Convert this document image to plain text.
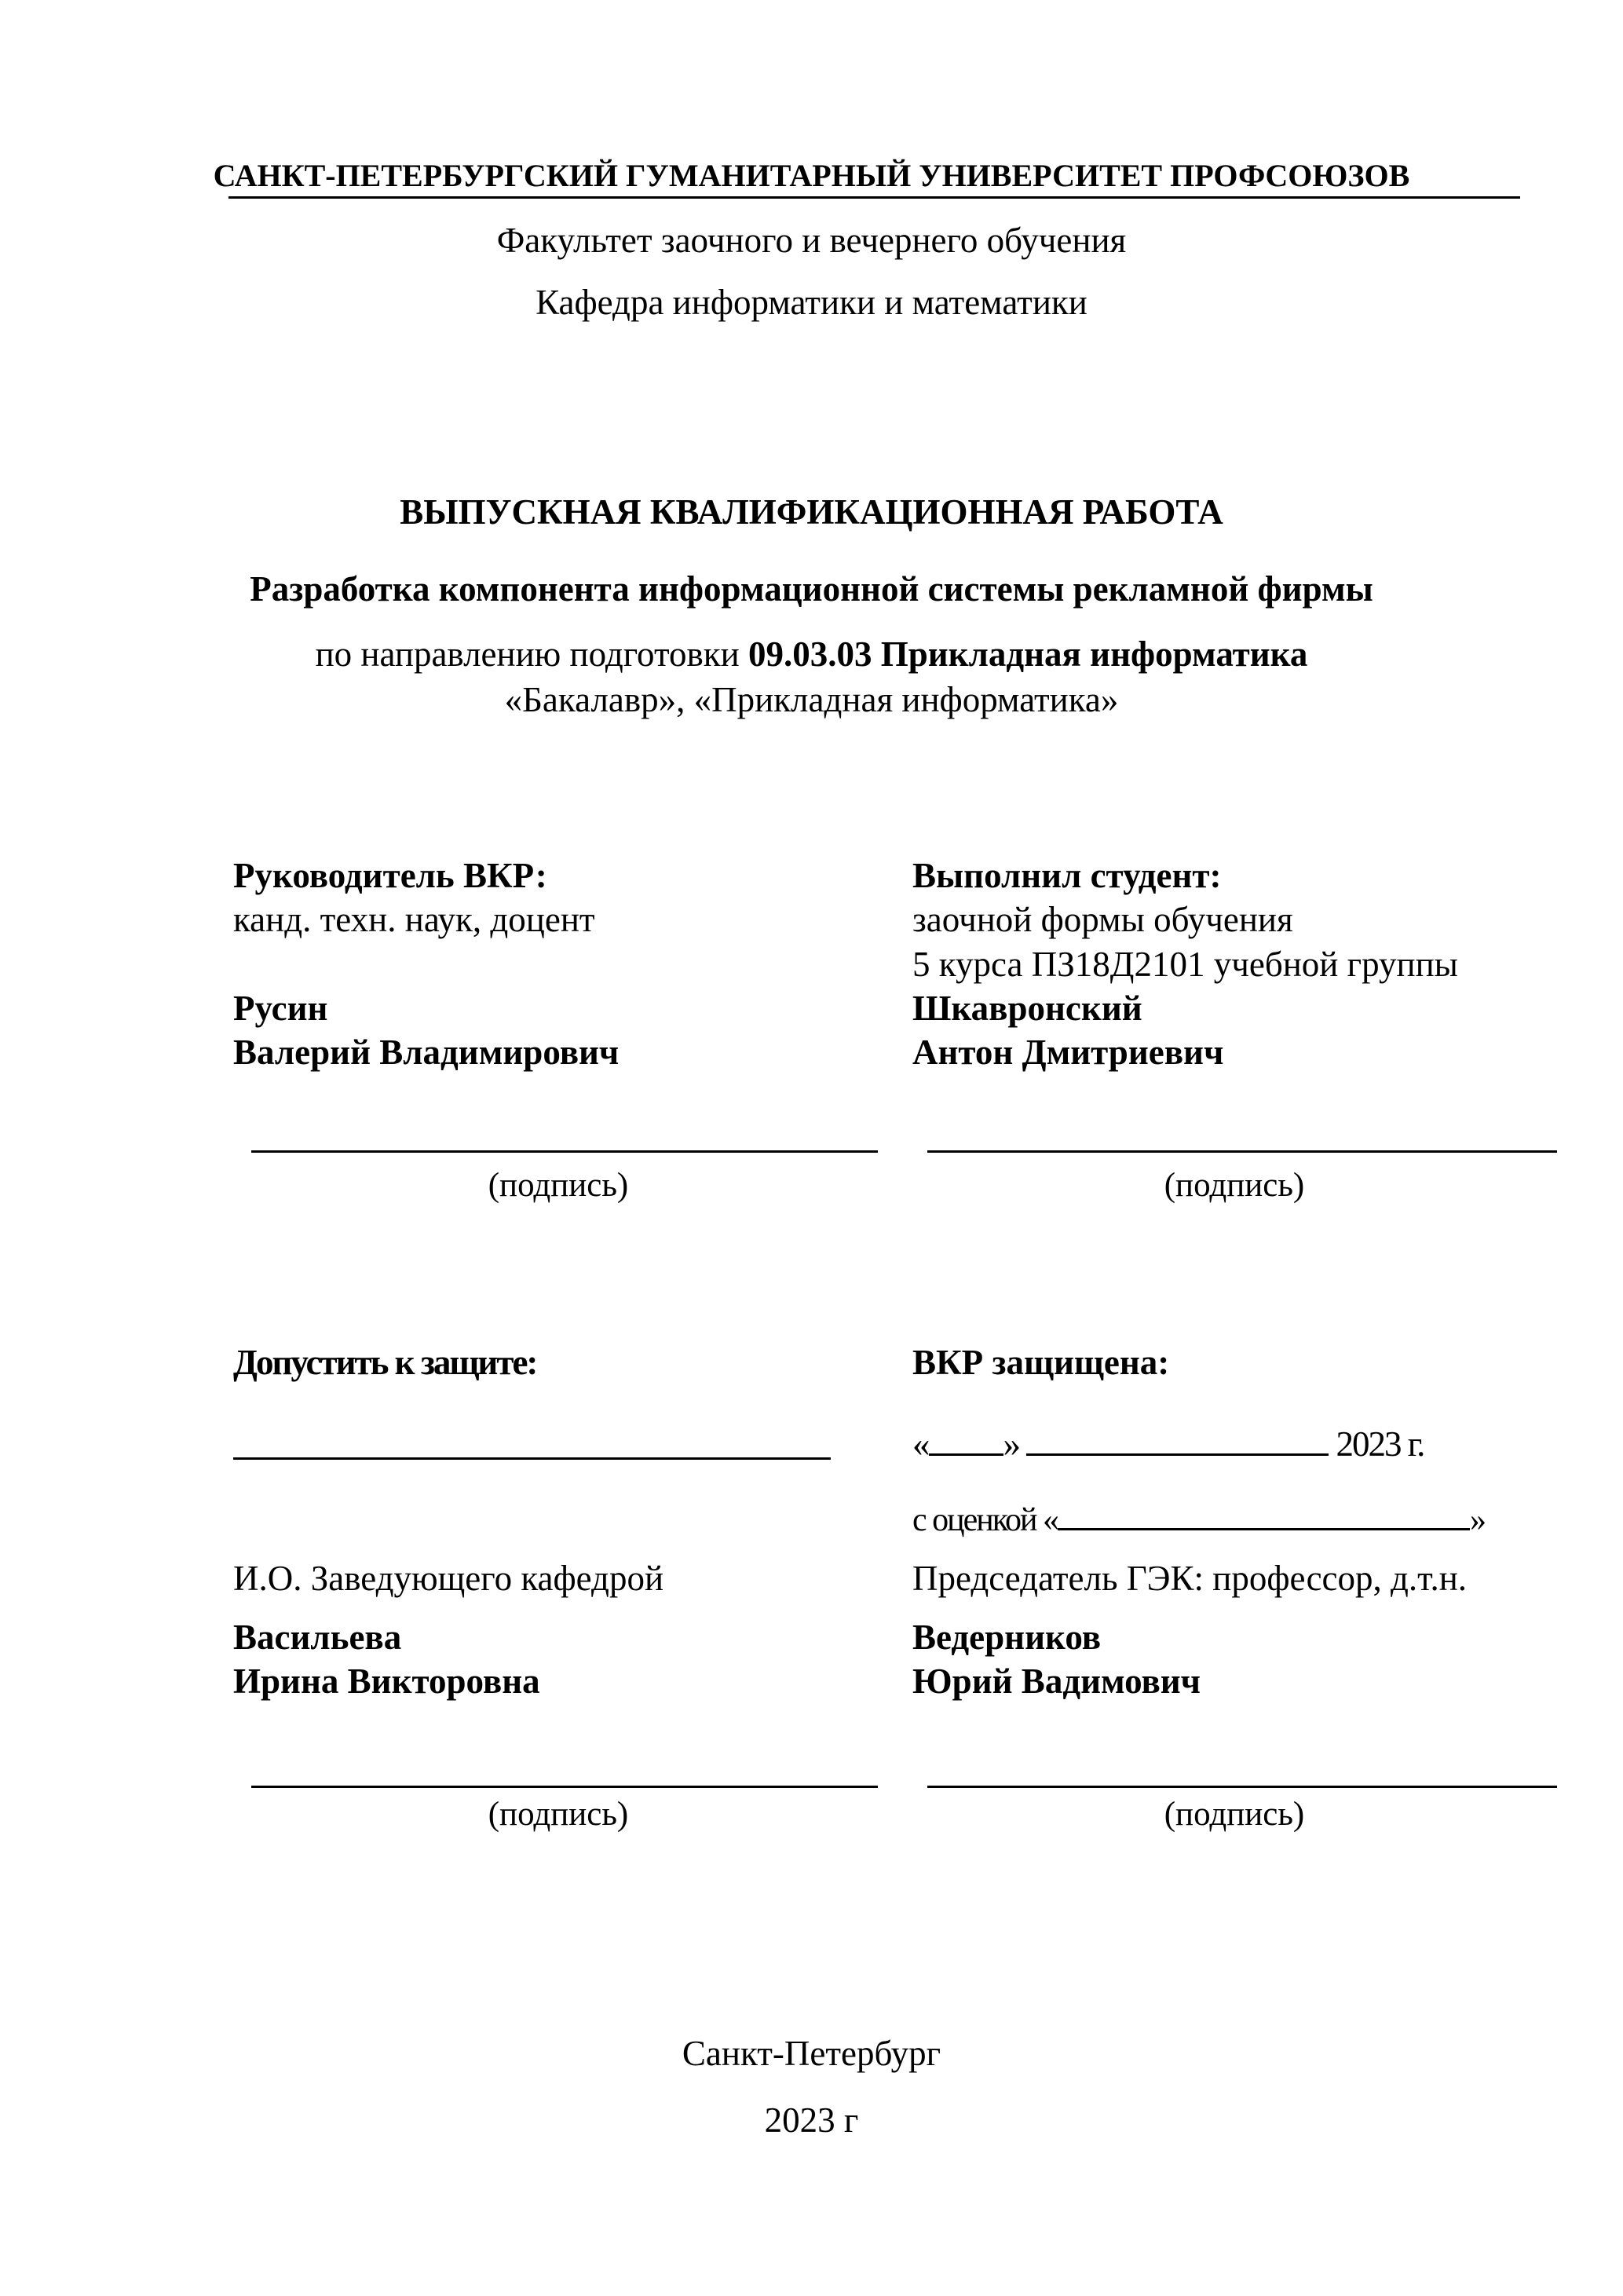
САНКТ-ПЕТЕРБУРГСКИЙ ГУМАНИТАРНЫЙ УНИВЕРСИТЕТ ПРОФСОЮЗОВ
Факультет заочного и вечернего обучения
Кафедра информатики и математики
ВЫПУСКНАЯ КВАЛИФИКАЦИОННАЯ РАБОТА
Разработка компонента информационной системы рекламной фирмы
по направлению подготовки 09.03.03 Прикладная информатика
«Бакалавр», «Прикладная информатика»
Руководитель ВКР:
канд. техн. наук, доцент
Русин
Валерий Владимирович
Выполнил студент:
заочной формы обучения
5 курса ПЗ18Д2101 учебной группы
Шкавронский
Антон Дмитриевич
(подпись)	(подпись)
Допустить к защите:	ВКР защищена:
« »	2023 г.
с оценкой «	»
И.О. Заведующего кафедрой
Васильева
Ирина Викторовна
Председатель ГЭК: профессор, д.т.н.
Ведерников
Юрий Вадимович
(подпись)	(подпись)
Санкт-Петербург
2023 г
